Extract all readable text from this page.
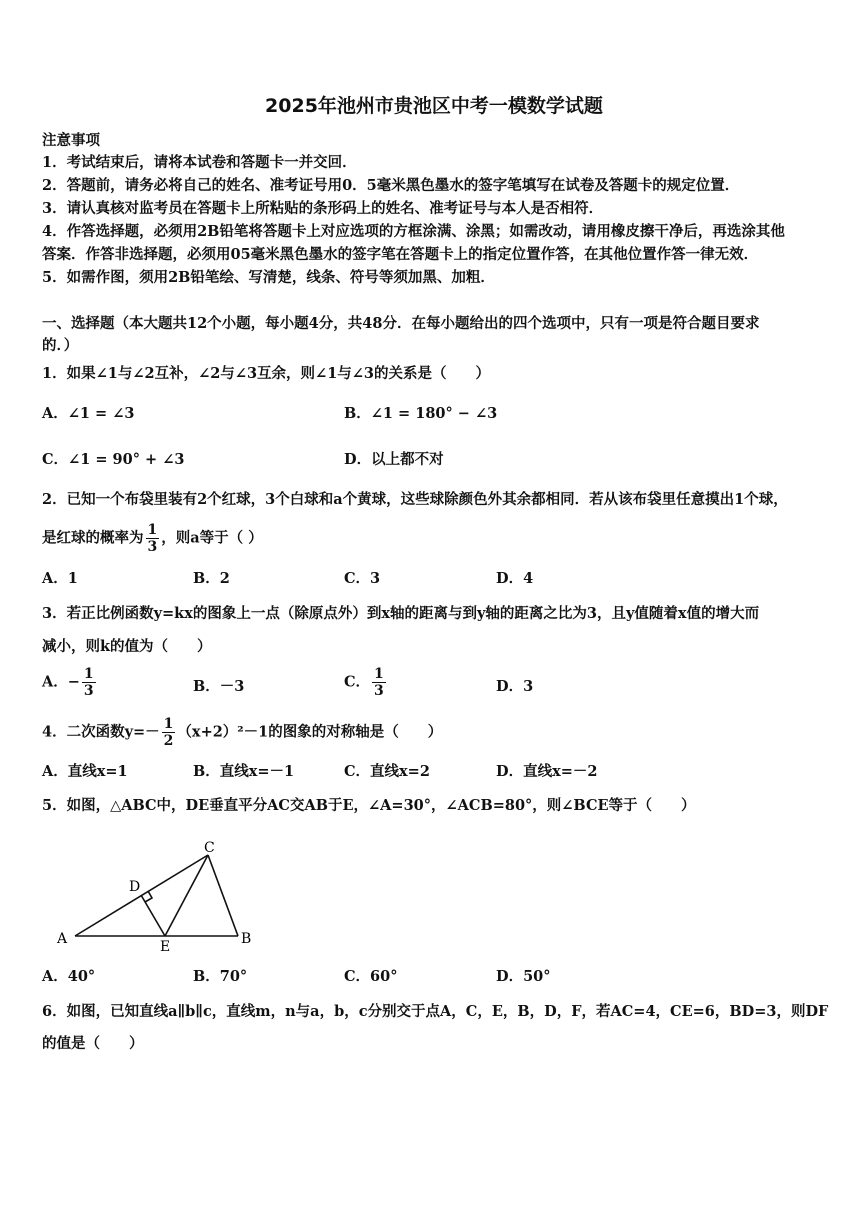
2025年池州市贵池区中考一模数学试题
注意事项
1．考试结束后，请将本试卷和答题卡一并交回．
2．答题前，请务必将自己的姓名、准考证号用0．5毫米黑色墨水的签字笔填写在试卷及答题卡的规定位置．
3．请认真核对监考员在答题卡上所粘贴的条形码上的姓名、准考证号与本人是否相符．
4．作答选择题，必须用2B铅笔将答题卡上对应选项的方框涂满、涂黑；如需改动，请用橡皮擦干净后，再选涂其他
答案．作答非选择题，必须用05毫米黑色墨水的签字笔在答题卡上的指定位置作答，在其他位置作答一律无效．
5．如需作图，须用2B铅笔绘、写清楚，线条、符号等须加黑、加粗．
一、选择题（本大题共12个小题，每小题4分，共48分．在每小题给出的四个选项中，只有一项是符合题目要求
的．）
1．如果∠1与∠2互补，∠2与∠3互余，则∠1与∠3的关系是（　　）
A．∠1 = ∠3	B．∠1 = 180° − ∠3
C．∠1 = 90° + ∠3	D．以上都不对
2．已知一个布袋里装有2个红球，3个白球和a个黄球，这些球除颜色外其余都相同．若从该布袋里任意摸出1个球，
是红球的概率为 $\frac{1}{3}$ ，则a等于（ ）
A．1	B．2	C．3	D．4
3．若正比例函数y=kx的图象上一点（除原点外）到x轴的距离与到y轴的距离之比为3，且y值随着x值的增大而
减小，则k的值为（　　）
A．− $\frac{1}{3}$	B．－3	C． $\frac{1}{3}$	D．3
4．二次函数$y=- \frac{1}{2} (x+2)^2-1$的图象的对称轴是（　　）
A．直线x=1	B．直线x=－1	C．直线x=2	D．直线x=－2
5．如图，△ABC中，DE垂直平分AC交AB于E，∠A=30°，∠ACB=80°，则∠BCE等于（　　）
A	B
C
D
E
A．40°	B．70°	C．60°	D．50°
6．如图，已知直线a∥b∥c，直线m，n与a，b，c分别交于点A，C，E，B，D，F，若AC=4，CE=6，BD=3，则DF
的值是（　　）
